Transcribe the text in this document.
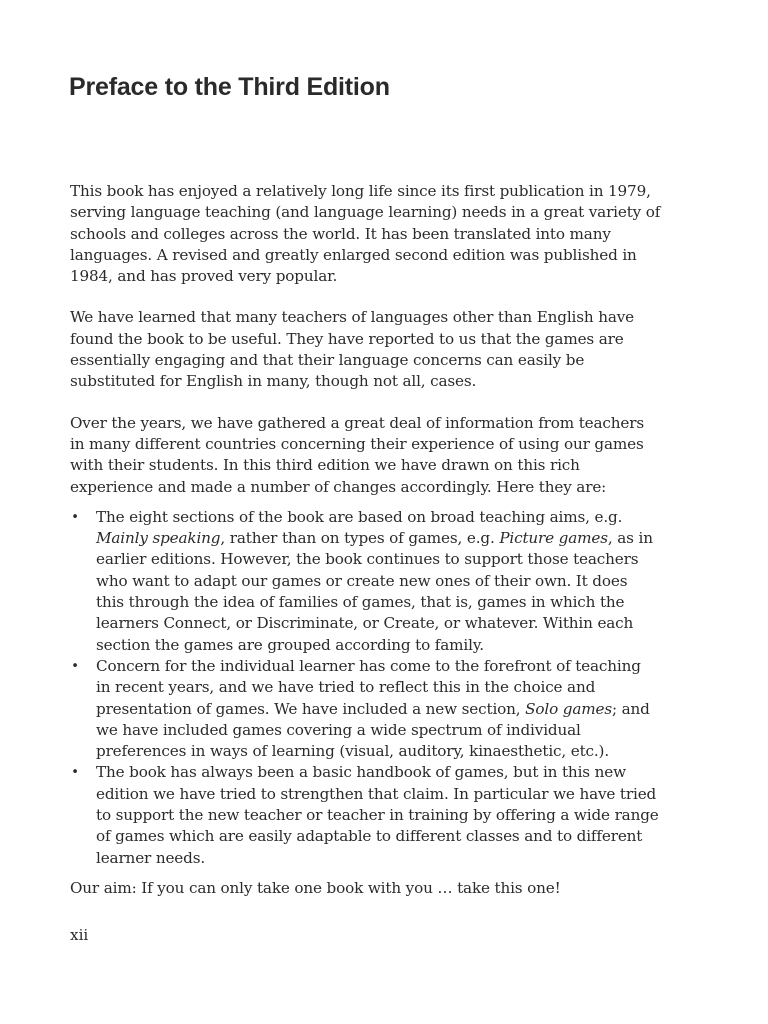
Preface to the Third Edition

This book has enjoyed a relatively long life since its first publication in 1979,
serving language teaching (and language learning) needs in a great variety of
schools and colleges across the world. It has been translated into many
languages. A revised and greatly enlarged second edition was published in
1984, and has proved very popular.

We have learned that many teachers of languages other than English have
found the book to be useful. They have reported to us that the games are
essentially engaging and that their language concerns can easily be
substituted for English in many, though not all, cases.

Over the years, we have gathered a great deal of information from teachers
in many different countries concerning their experience of using our games
with their students. In this third edition we have drawn on this rich
experience and made a number of changes accordingly. Here they are:

• The eight sections of the book are based on broad teaching aims, e.g.
Mainly speaking, rather than on types of games, e.g. Picture games, as in
earlier editions. However, the book continues to support those teachers
who want to adapt our games or create new ones of their own. It does
this through the idea of families of games, that is, games in which the
learners Connect, or Discriminate, or Create, or whatever. Within each
section the games are grouped according to family.
• Concern for the individual learner has come to the forefront of teaching
in recent years, and we have tried to reflect this in the choice and
presentation of games. We have included a new section, Solo games; and
we have included games covering a wide spectrum of individual
preferences in ways of learning (visual, auditory, kinaesthetic, etc.).
• The book has always been a basic handbook of games, but in this new
edition we have tried to strengthen that claim. In particular we have tried
to support the new teacher or teacher in training by offering a wide range
of games which are easily adaptable to different classes and to different
learner needs.

Our aim: If you can only take one book with you … take this one!

xii
